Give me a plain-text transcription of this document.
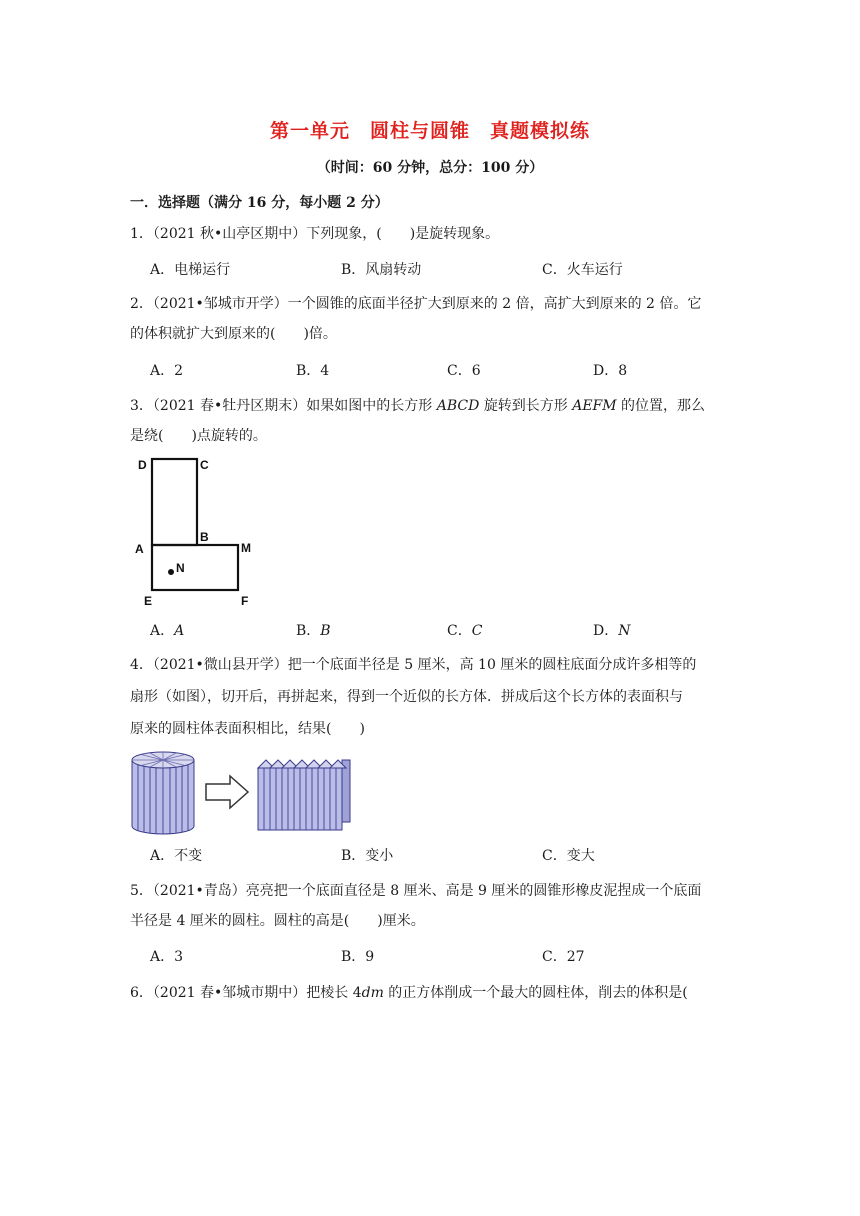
第一单元　圆柱与圆锥　真题模拟练
（时间：60 分钟，总分：100 分）
一．选择题（满分 16 分，每小题 2 分）
1．（2021 秋•山亭区期中）下列现象，(　　)是旋转现象。
A．电梯运行	B．风扇转动	C．火车运行
2．（2021•邹城市开学）一个圆锥的底面半径扩大到原来的 2 倍，高扩大到原来的 2 倍。它
的体积就扩大到原来的(　　)倍。
A．2	B．4	C．6	D．8
3．（2021 春•牡丹区期末）如果如图中的长方形 ABCD 旋转到长方形 AEFM 的位置，那么
是绕(　　)点旋转的。
D	C
B
A	M
N
E	F
A．A	B．B	C．C	D．N
4．（2021•微山县开学）把一个底面半径是 5 厘米，高 10 厘米的圆柱底面分成许多相等的
扇形（如图），切开后，再拼起来，得到一个近似的长方体．拼成后这个长方体的表面积与
原来的圆柱体表面积相比，结果(　　)
A．不变	B．变小	C．变大
5．（2021•青岛）亮亮把一个底面直径是 8 厘米、高是 9 厘米的圆锥形橡皮泥捏成一个底面
半径是 4 厘米的圆柱。圆柱的高是(　　)厘米。
A．3	B．9	C．27
6．（2021 春•邹城市期中）把棱长 4dm 的正方体削成一个最大的圆柱体，削去的体积是(
